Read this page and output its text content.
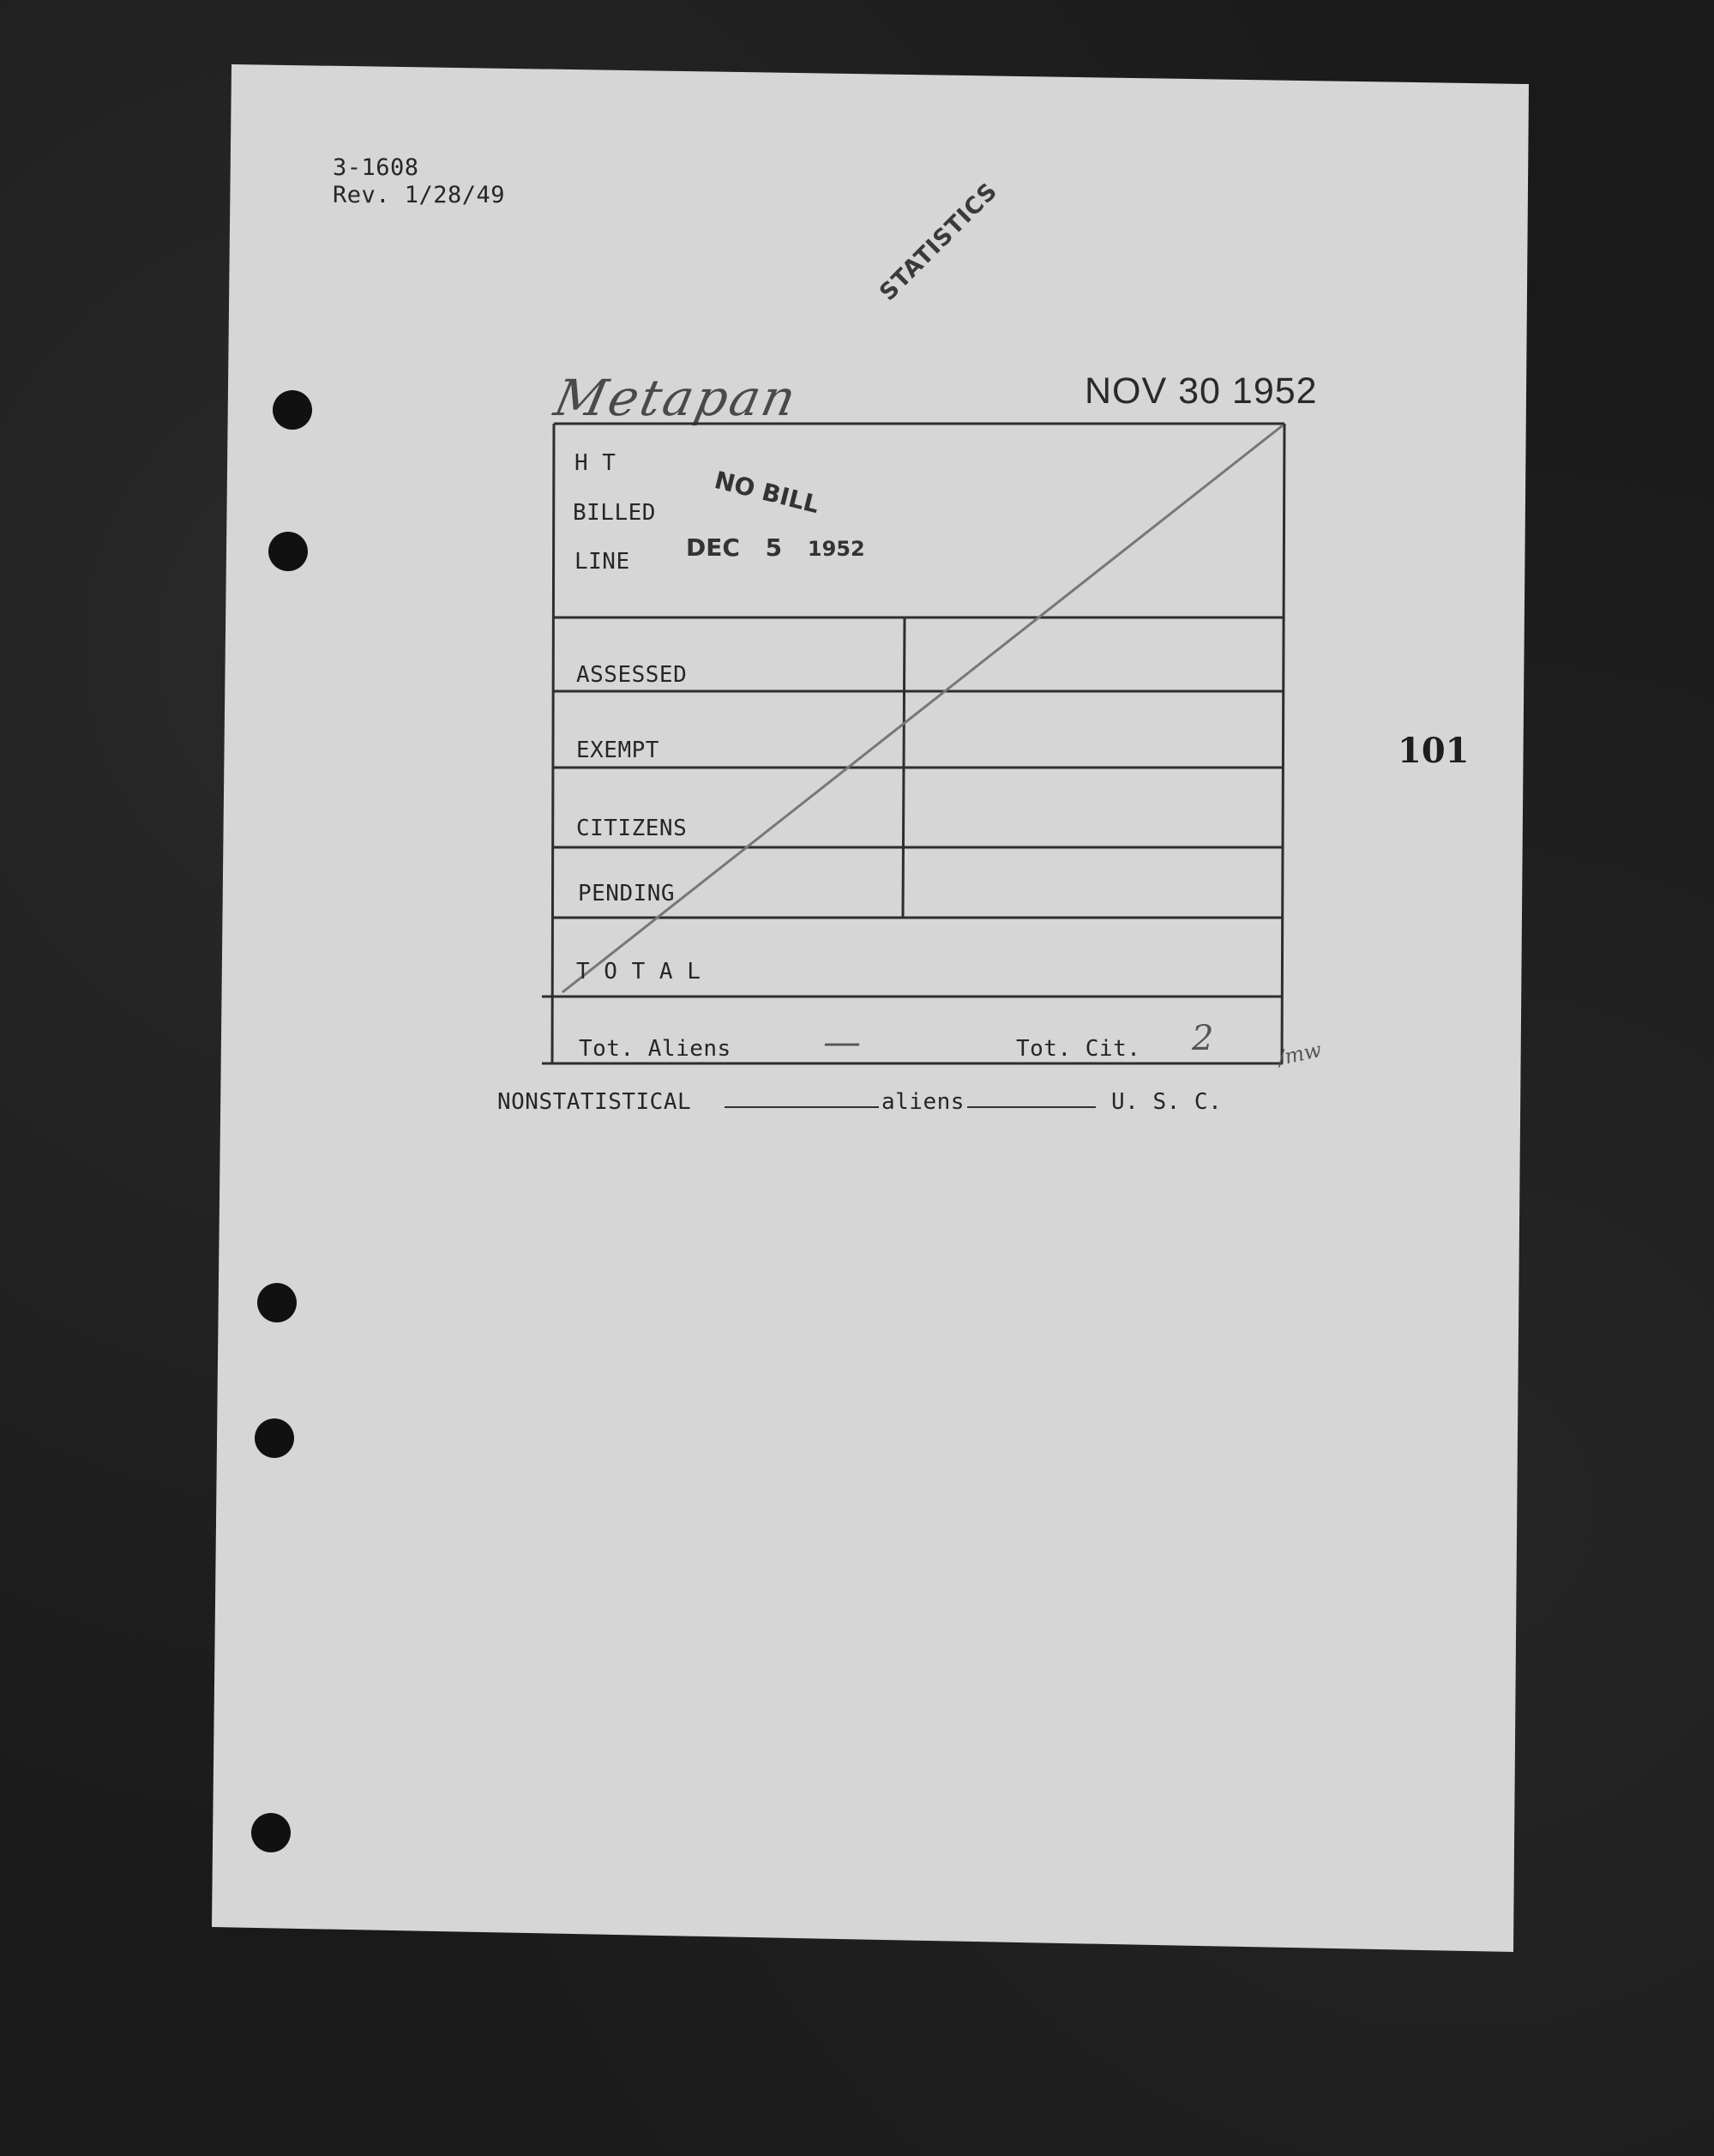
3-1608
Rev. 1/28/49	STATISTICS
Metapan	NOV 30 1952
H T
BILLED
LINE
NO BILL
DEC 5 1952
ASSESSED
EXEMPT
CITIZENS
PENDING
T O T A L
Tot. Aliens	Tot. Cit.
—	2	/mw
NONSTATISTICAL	aliens	U. S. C.
101
